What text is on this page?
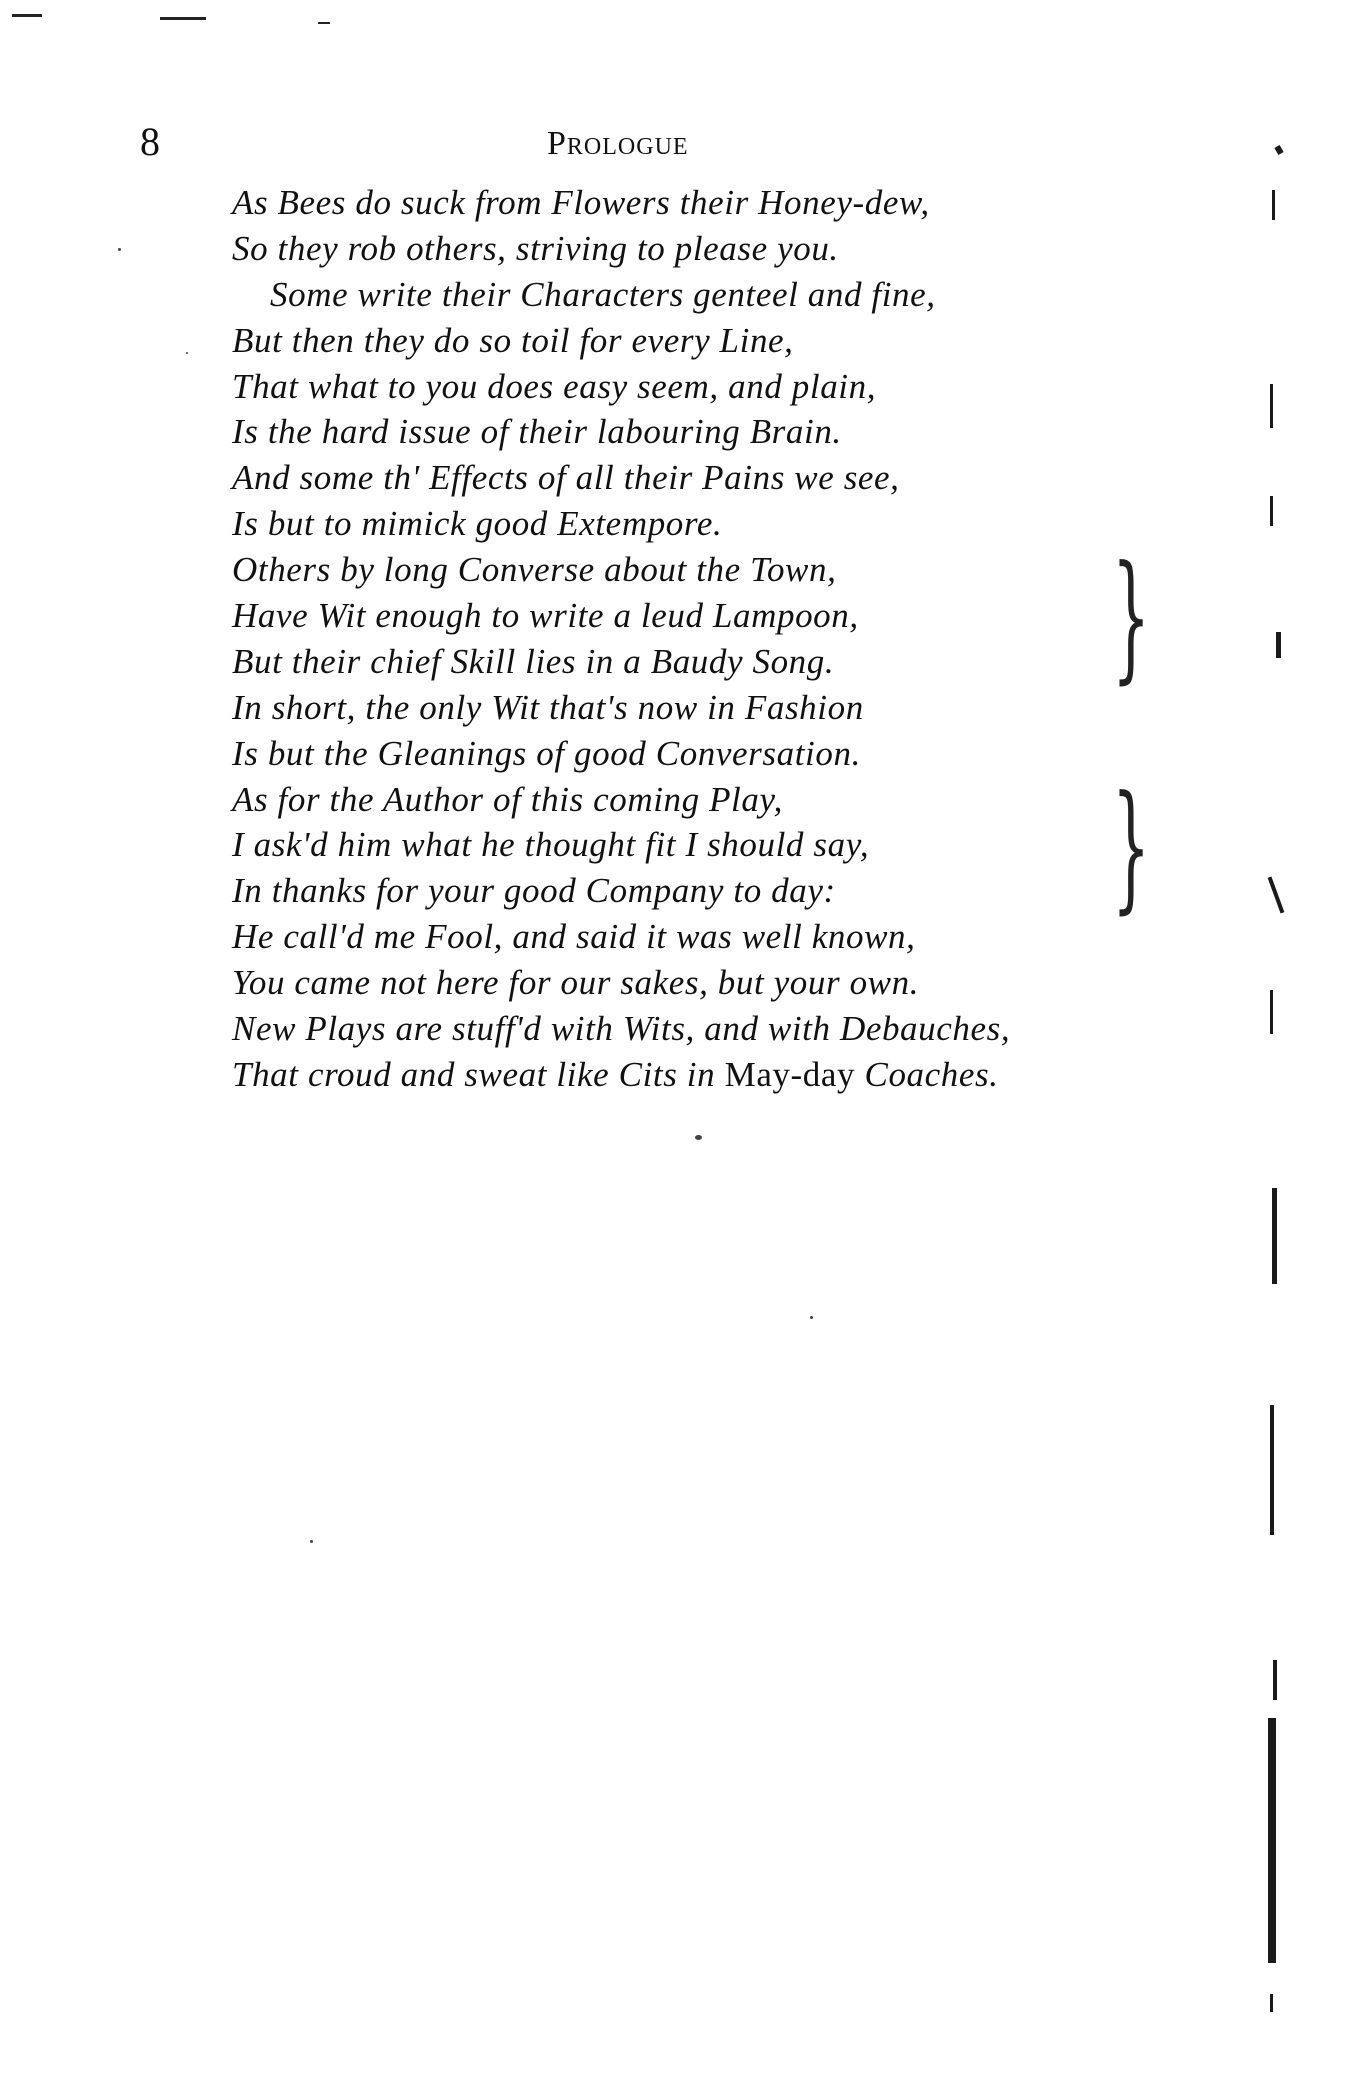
8	Prologue
As Bees do suck from Flowers their Honey-dew,
So they rob others, striving to please you.
Some write their Characters genteel and fine,
But then they do so toil for every Line,
That what to you does easy seem, and plain,
Is the hard issue of their labouring Brain.
And some th' Effects of all their Pains we see,
Is but to mimick good Extempore.
Others by long Converse about the Town,
Have Wit enough to write a leud Lampoon,
But their chief Skill lies in a Baudy Song.
In short, the only Wit that's now in Fashion
Is but the Gleanings of good Conversation.
As for the Author of this coming Play,
I ask'd him what he thought fit I should say,
In thanks for your good Company to day:
He call'd me Fool, and said it was well known,
You came not here for our sakes, but your own.
New Plays are stuff'd with Wits, and with Debauches,
That croud and sweat like Cits in May-day Coaches.
}
}
